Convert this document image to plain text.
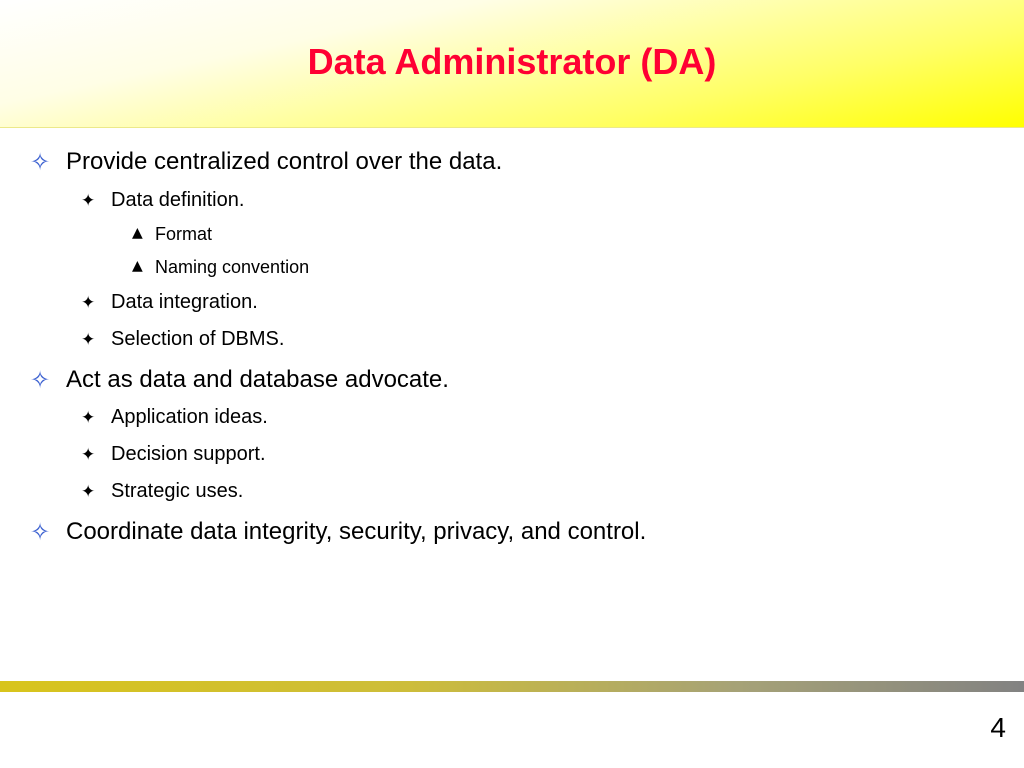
Data Administrator (DA)
✧ Provide centralized control over the data.
✦ Data definition.
▲ Format
▲ Naming convention
✦ Data integration.
✦ Selection of DBMS.
✧ Act as data and database advocate.
✦ Application ideas.
✦ Decision support.
✦ Strategic uses.
✧ Coordinate data integrity, security, privacy, and control.
4
